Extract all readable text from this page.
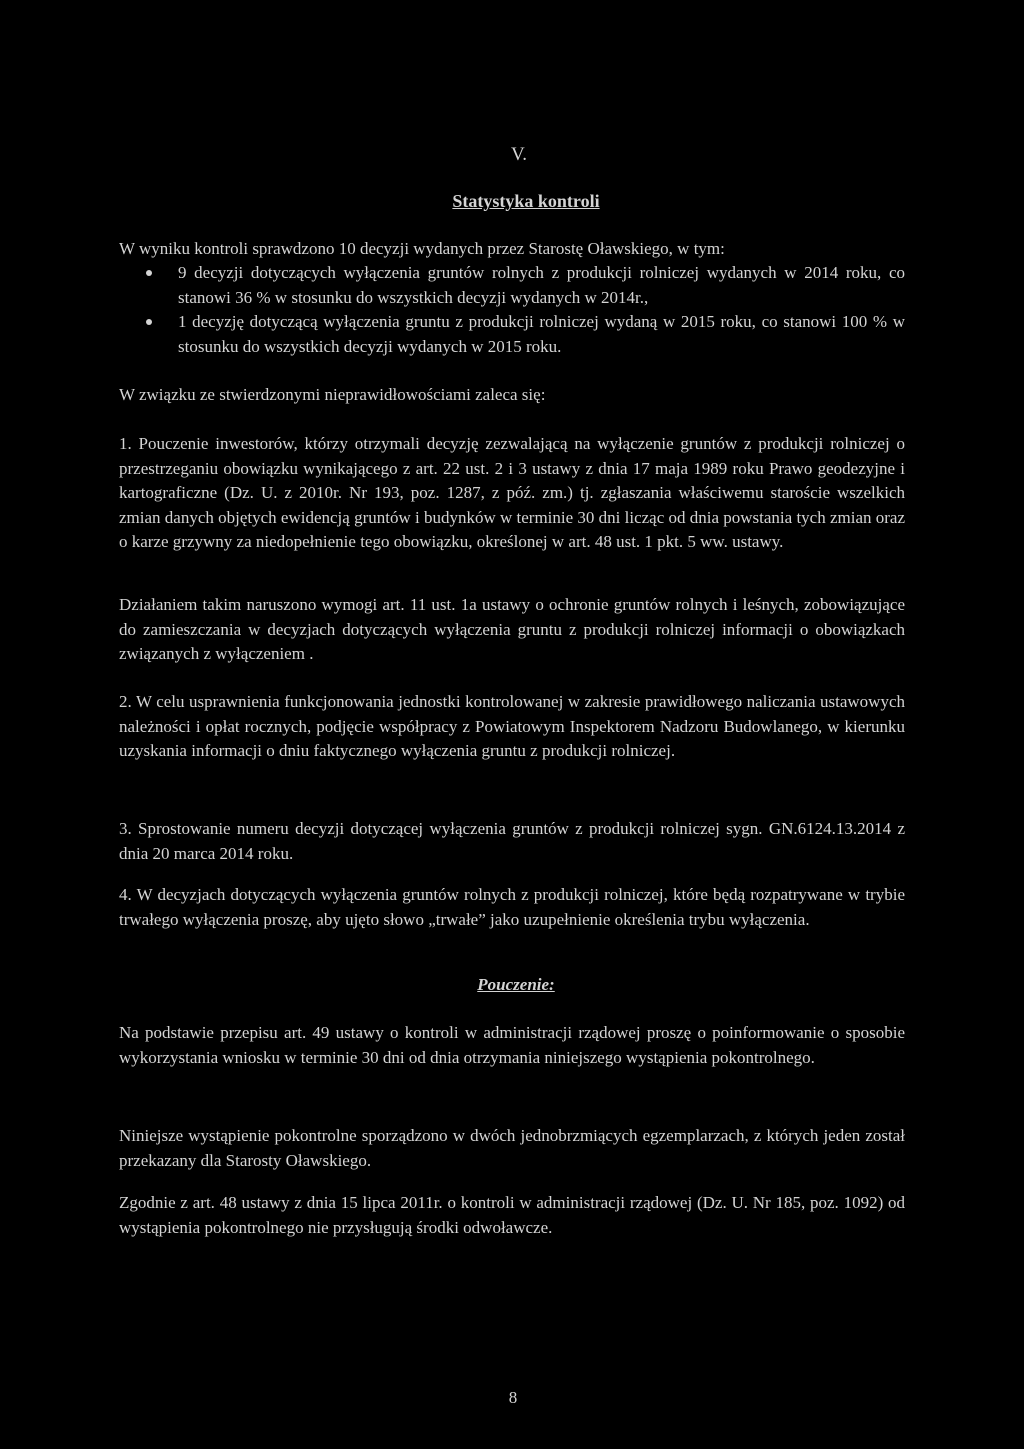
V.
Statystyka kontroli
W wyniku kontroli sprawdzono 10 decyzji wydanych przez Starostę Oławskiego, w tym:
9 decyzji dotyczących wyłączenia gruntów rolnych z produkcji rolniczej wydanych w 2014 roku, co stanowi 36 % w stosunku do wszystkich decyzji wydanych w 2014r.,
1 decyzję dotyczącą wyłączenia gruntu z produkcji rolniczej wydaną w 2015 roku, co stanowi 100 % w stosunku do wszystkich decyzji wydanych w 2015 roku.
W związku ze stwierdzonymi nieprawidłowościami zaleca się:
1. Pouczenie inwestorów, którzy otrzymali decyzję zezwalającą na wyłączenie gruntów z produkcji rolniczej o przestrzeganiu obowiązku wynikającego z art. 22 ust. 2 i 3 ustawy z dnia 17 maja 1989 roku Prawo geodezyjne i kartograficzne (Dz. U. z 2010r. Nr 193, poz. 1287, z póź. zm.) tj. zgłaszania właściwemu staroście wszelkich zmian danych objętych ewidencją gruntów i budynków w terminie 30 dni licząc od dnia powstania tych zmian oraz o karze grzywny za niedopełnienie tego obowiązku, określonej w art. 48 ust. 1 pkt. 5 ww. ustawy.
Działaniem takim naruszono wymogi art. 11 ust. 1a ustawy o ochronie gruntów rolnych i leśnych, zobowiązujące do zamieszczania w decyzjach dotyczących wyłączenia gruntu z produkcji rolniczej informacji o obowiązkach związanych z wyłączeniem .
2. W celu usprawnienia funkcjonowania jednostki kontrolowanej w zakresie prawidłowego naliczania ustawowych należności i opłat rocznych, podjęcie współpracy z Powiatowym Inspektorem Nadzoru Budowlanego, w kierunku uzyskania informacji o dniu faktycznego wyłączenia gruntu z produkcji rolniczej.
3. Sprostowanie numeru decyzji dotyczącej wyłączenia gruntów z produkcji rolniczej sygn. GN.6124.13.2014 z dnia 20 marca 2014 roku.
4. W decyzjach dotyczących wyłączenia gruntów rolnych z produkcji rolniczej, które będą rozpatrywane w trybie trwałego wyłączenia proszę, aby ujęto słowo „trwałe” jako uzupełnienie określenia trybu wyłączenia.
Pouczenie:
Na podstawie przepisu art. 49 ustawy o kontroli w administracji rządowej proszę o poinformowanie o sposobie wykorzystania wniosku w terminie 30 dni od dnia otrzymania niniejszego wystąpienia pokontrolnego.
Niniejsze wystąpienie pokontrolne sporządzono w dwóch jednobrzmiących egzemplarzach, z których jeden został przekazany dla Starosty Oławskiego.
Zgodnie z art. 48 ustawy z dnia 15 lipca 2011r. o kontroli w administracji rządowej (Dz. U. Nr 185, poz. 1092) od wystąpienia pokontrolnego nie przysługują środki odwoławcze.
8
